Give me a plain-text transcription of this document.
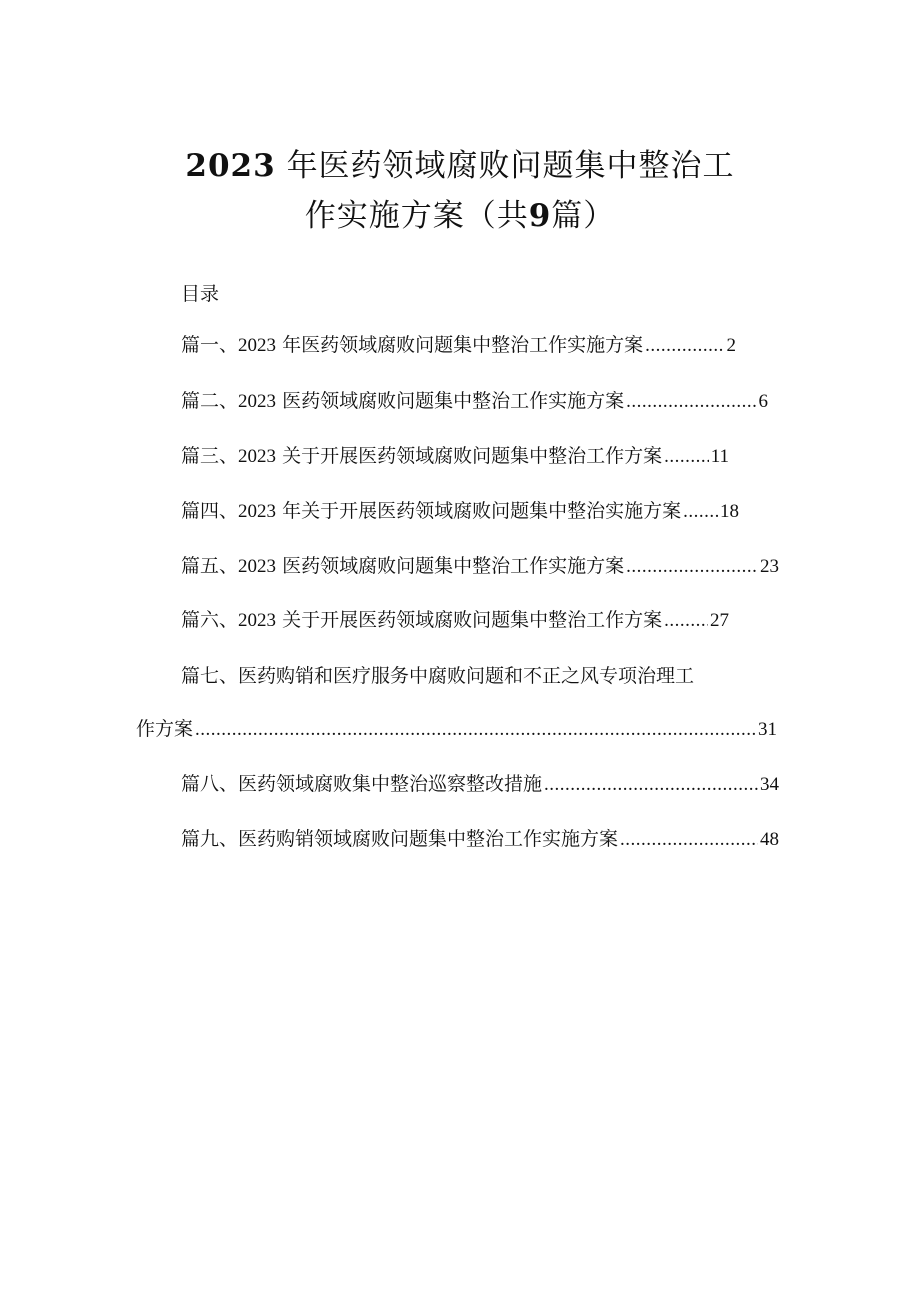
2023 年医药领域腐败问题集中整治工
作实施方案（共9篇）
目录
篇一、2023 年医药领域腐败问题集中整治工作实施方案 .....	2
篇二、2023 医药领域腐败问题集中整治工作实施方案 .....	6
篇三、2023 关于开展医药领域腐败问题集中整治工作方案 .....	11
篇四、2023 年关于开展医药领域腐败问题集中整治实施方案 ..... 18
篇五、2023 医药领域腐败问题集中整治工作实施方案 .....	23
篇六、2023 关于开展医药领域腐败问题集中整治工作方案 .....	27
篇七、医药购销和医疗服务中腐败问题和不正之风专项治理工
作方案 .....	31
篇八、医药领域腐败集中整治巡察整改措施 .....	34
篇九、医药购销领域腐败问题集中整治工作实施方案 .....	48
